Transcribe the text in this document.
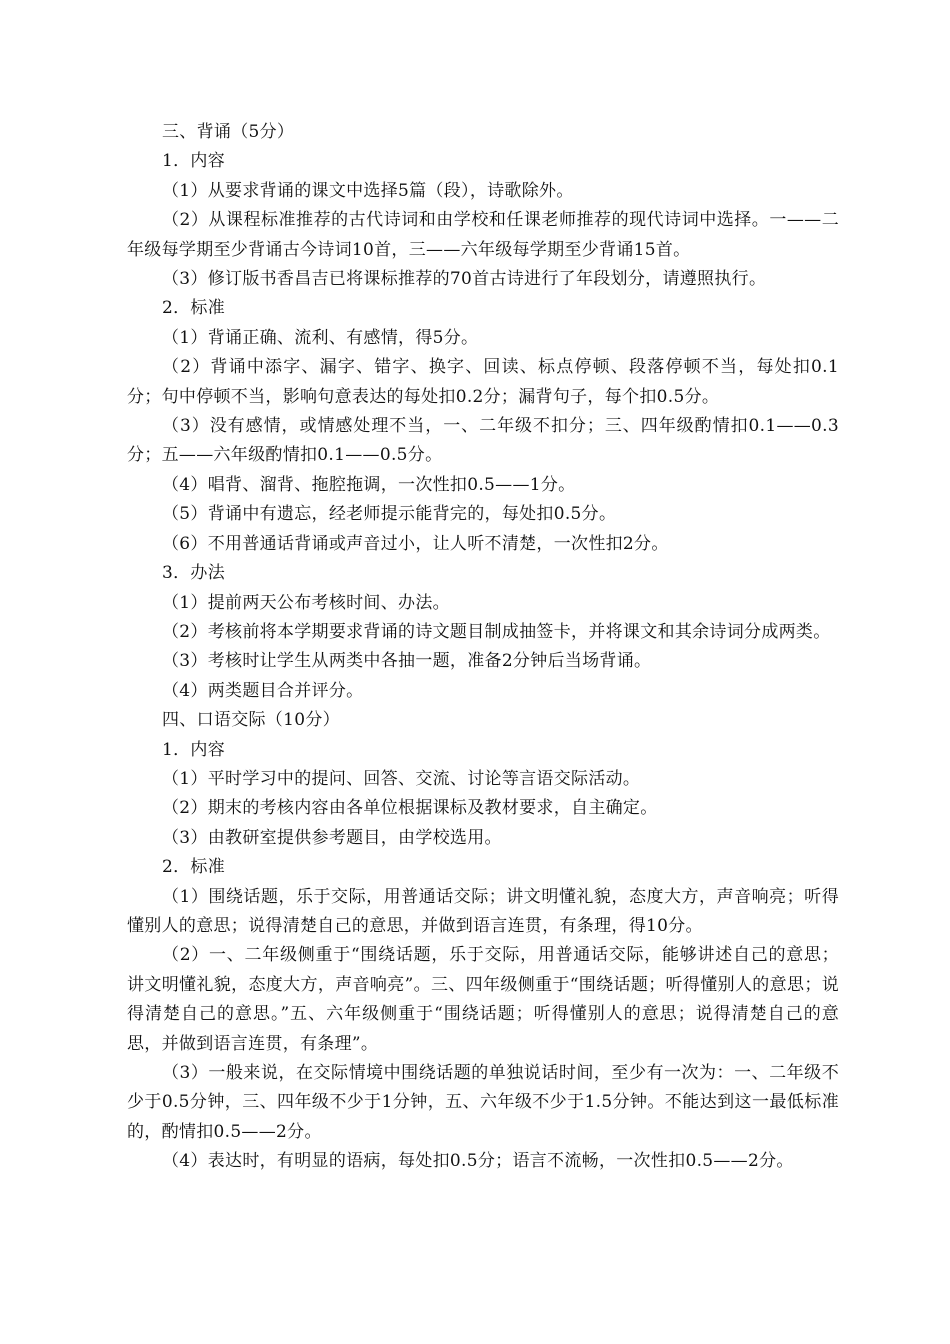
三、背诵（5分）

1．内容

（1）从要求背诵的课文中选择5篇（段），诗歌除外。

（2）从课程标准推荐的古代诗词和由学校和任课老师推荐的现代诗词中选择。一——二年级每学期至少背诵古今诗词10首，三——六年级每学期至少背诵15首。

（3）修订版书香昌吉已将课标推荐的70首古诗进行了年段划分，请遵照执行。

2．标准

（1）背诵正确、流利、有感情，得5分。

（2）背诵中添字、漏字、错字、换字、回读、标点停顿、段落停顿不当，每处扣0.1分；句中停顿不当，影响句意表达的每处扣0.2分；漏背句子，每个扣0.5分。

（3）没有感情，或情感处理不当，一、二年级不扣分；三、四年级酌情扣0.1——0.3分；五——六年级酌情扣0.1——0.5分。

（4）唱背、溜背、拖腔拖调，一次性扣0.5——1分。

（5）背诵中有遗忘，经老师提示能背完的，每处扣0.5分。

（6）不用普通话背诵或声音过小，让人听不清楚，一次性扣2分。

3．办法

（1）提前两天公布考核时间、办法。

（2）考核前将本学期要求背诵的诗文题目制成抽签卡，并将课文和其余诗词分成两类。

（3）考核时让学生从两类中各抽一题，准备2分钟后当场背诵。

（4）两类题目合并评分。

四、口语交际（10分）

1．内容

（1）平时学习中的提问、回答、交流、讨论等言语交际活动。

（2）期末的考核内容由各单位根据课标及教材要求，自主确定。

（3）由教研室提供参考题目，由学校选用。

2．标准

（1）围绕话题，乐于交际，用普通话交际；讲文明懂礼貌，态度大方，声音响亮；听得懂别人的意思；说得清楚自己的意思，并做到语言连贯，有条理，得10分。

（2）一、二年级侧重于“围绕话题，乐于交际，用普通话交际，能够讲述自己的意思；讲文明懂礼貌，态度大方，声音响亮”。三、四年级侧重于“围绕话题；听得懂别人的意思；说得清楚自己的意思。”五、六年级侧重于“围绕话题；听得懂别人的意思；说得清楚自己的意思，并做到语言连贯，有条理”。

（3）一般来说，在交际情境中围绕话题的单独说话时间，至少有一次为：一、二年级不少于0.5分钟，三、四年级不少于1分钟，五、六年级不少于1.5分钟。不能达到这一最低标准的，酌情扣0.5——2分。

（4）表达时，有明显的语病，每处扣0.5分；语言不流畅，一次性扣0.5——2分。
